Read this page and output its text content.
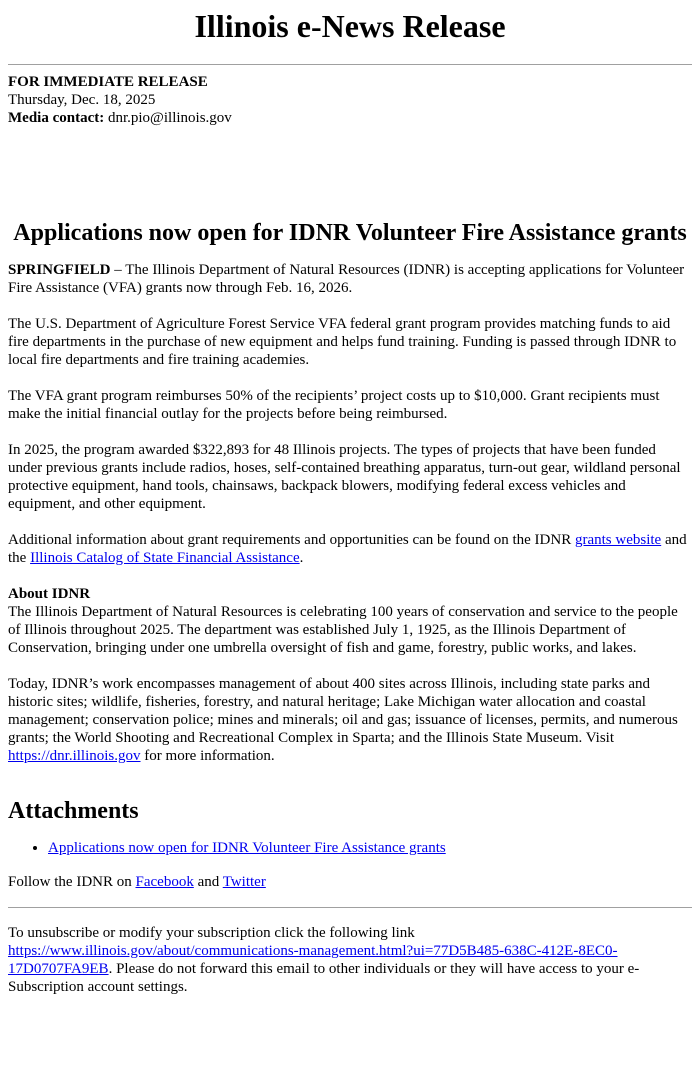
Illinois e-News Release

FOR IMMEDIATE RELEASE

Thursday, Dec. 18, 2025

Media contact: dnr.pio@illinois.gov

Applications now open for IDNR Volunteer Fire Assistance grants

SPRINGFIELD – The Illinois Department of Natural Resources (IDNR) is accepting applications for Volunteer Fire Assistance (VFA) grants now through Feb. 16, 2026.

The U.S. Department of Agriculture Forest Service VFA federal grant program provides matching funds to aid fire departments in the purchase of new equipment and helps fund training. Funding is passed through IDNR to local fire departments and fire training academies.

The VFA grant program reimburses 50% of the recipients’ project costs up to $10,000. Grant recipients must make the initial financial outlay for the projects before being reimbursed.

In 2025, the program awarded $322,893 for 48 Illinois projects. The types of projects that have been funded under previous grants include radios, hoses, self-contained breathing apparatus, turn-out gear, wildland personal protective equipment, hand tools, chainsaws, backpack blowers, modifying federal excess vehicles and equipment, and other equipment.

Additional information about grant requirements and opportunities can be found on the IDNR grants website and the Illinois Catalog of State Financial Assistance.

About IDNR

The Illinois Department of Natural Resources is celebrating 100 years of conservation and service to the people of Illinois throughout 2025. The department was established July 1, 1925, as the Illinois Department of Conservation, bringing under one umbrella oversight of fish and game, forestry, public works, and lakes.

Today, IDNR’s work encompasses management of about 400 sites across Illinois, including state parks and historic sites; wildlife, fisheries, forestry, and natural heritage; Lake Michigan water allocation and coastal management; conservation police; mines and minerals; oil and gas; issuance of licenses, permits, and numerous grants; the World Shooting and Recreational Complex in Sparta; and the Illinois State Museum. Visit https://dnr.illinois.gov for more information.

Attachments
• Applications now open for IDNR Volunteer Fire Assistance grants

Follow the IDNR on Facebook and Twitter

To unsubscribe or modify your subscription click the following link
https://www.illinois.gov/about/communications-management.html?ui=77D5B485-638C-412E-8EC0-17D0707FA9EB. Please do not forward this email to other individuals or they will have access to your e-Subscription account settings.
